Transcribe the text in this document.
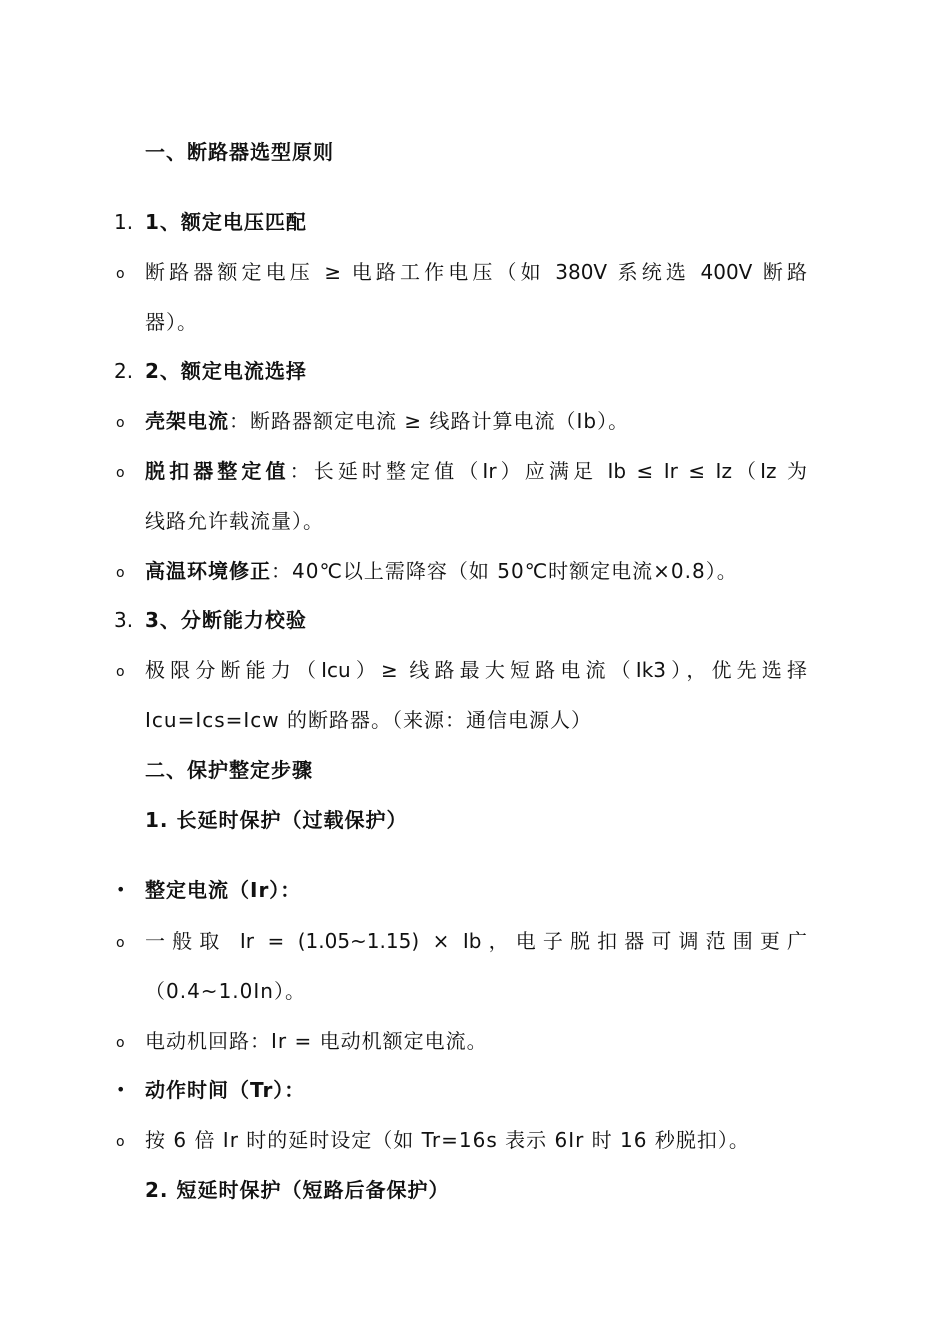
一、断路器选型原则
1. 1、额定电压匹配
o 断路器额定电压 ≥ 电路工作电压（如 380V 系统选 400V 断路
器）。
2. 2、额定电流选择
o 壳架电流：断路器额定电流 ≥ 线路计算电流（Ib）。
o 脱扣器整定值：长延时整定值（Ir）应满足 Ib ≤ Ir ≤ Iz（Iz 为
线路允许载流量）。
o 高温环境修正：40℃以上需降容（如 50℃时额定电流×0.8）。
3. 3、分断能力校验
o 极限分断能力（Icu）≥ 线路最大短路电流（Ik3），优先选择
Icu=Ics=Icw 的断路器。（来源：通信电源人）
二、保护整定步骤
1. 长延时保护（过载保护）
• 整定电流（Ir）：
o 一般取 Ir = (1.05~1.15) × Ib，电子脱扣器可调范围更广
（0.4~1.0In）。
o 电动机回路：Ir = 电动机额定电流。
• 动作时间（Tr）：
o 按 6 倍 Ir 时的延时设定（如 Tr=16s 表示 6Ir 时 16 秒脱扣）。
2. 短延时保护（短路后备保护）
